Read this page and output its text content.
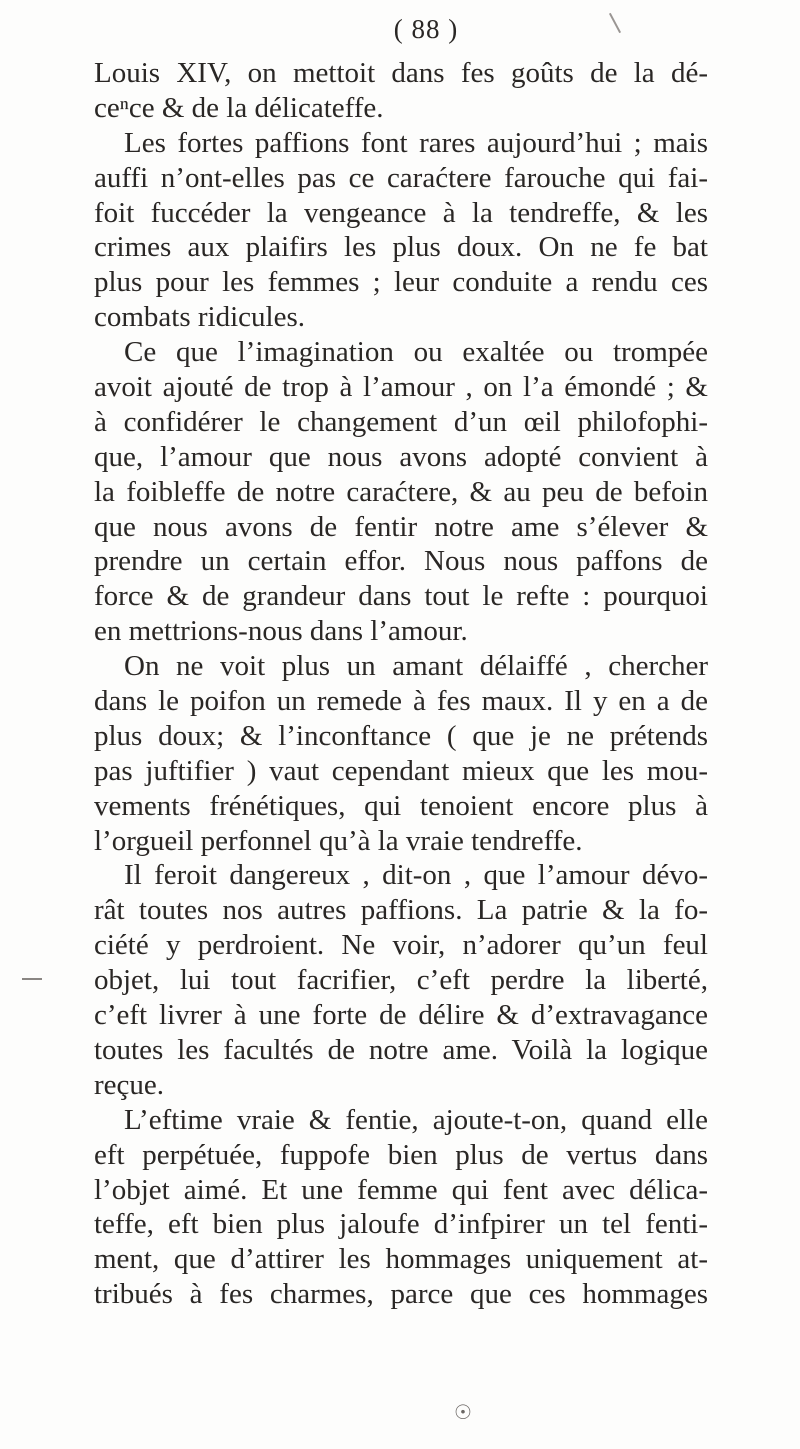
( 88 )
Louis XIV, on mettoit dans fes goûts de la dé-
ceⁿce & de la délicateffe.
Les fortes paffions font rares aujourd’hui ; mais
auffi n’ont-elles pas ce caraćtere farouche qui fai-
foit fuccéder la vengeance à la tendreffe, & les
crimes aux plaifirs les plus doux. On ne fe bat
plus pour les femmes ; leur conduite a rendu ces
combats ridicules.
Ce que l’imagination ou exaltée ou trompée
avoit ajouté de trop à l’amour , on l’a émondé ; &
à confidérer le changement d’un œil philofophi-
que, l’amour que nous avons adopté convient à
la foibleffe de notre caraćtere, & au peu de befoin
que nous avons de fentir notre ame s’élever &
prendre un certain effor. Nous nous paffons de
force & de grandeur dans tout le refte : pourquoi
en mettrions-nous dans l’amour.
On ne voit plus un amant délaiffé , chercher
dans le poifon un remede à fes maux. Il y en a de
plus doux; & l’inconftance ( que je ne prétends
pas juftifier ) vaut cependant mieux que les mou-
vements frénétiques, qui tenoient encore plus à
l’orgueil perfonnel qu’à la vraie tendreffe.
Il feroit dangereux , dit-on , que l’amour dévo-
rât toutes nos autres paffions. La patrie & la fo-
ciété y perdroient. Ne voir, n’adorer qu’un feul
objet, lui tout facrifier, c’eft perdre la liberté,
c’eft livrer à une forte de délire & d’extravagance
toutes les facultés de notre ame. Voilà la logique
reçue.
L’eftime vraie & fentie, ajoute-t-on, quand elle
eft perpétuée, fuppofe bien plus de vertus dans
l’objet aimé. Et une femme qui fent avec délica-
teffe, eft bien plus jaloufe d’infpirer un tel fenti-
ment, que d’attirer les hommages uniquement at-
tribués à fes charmes, parce que ces hommages
☉
